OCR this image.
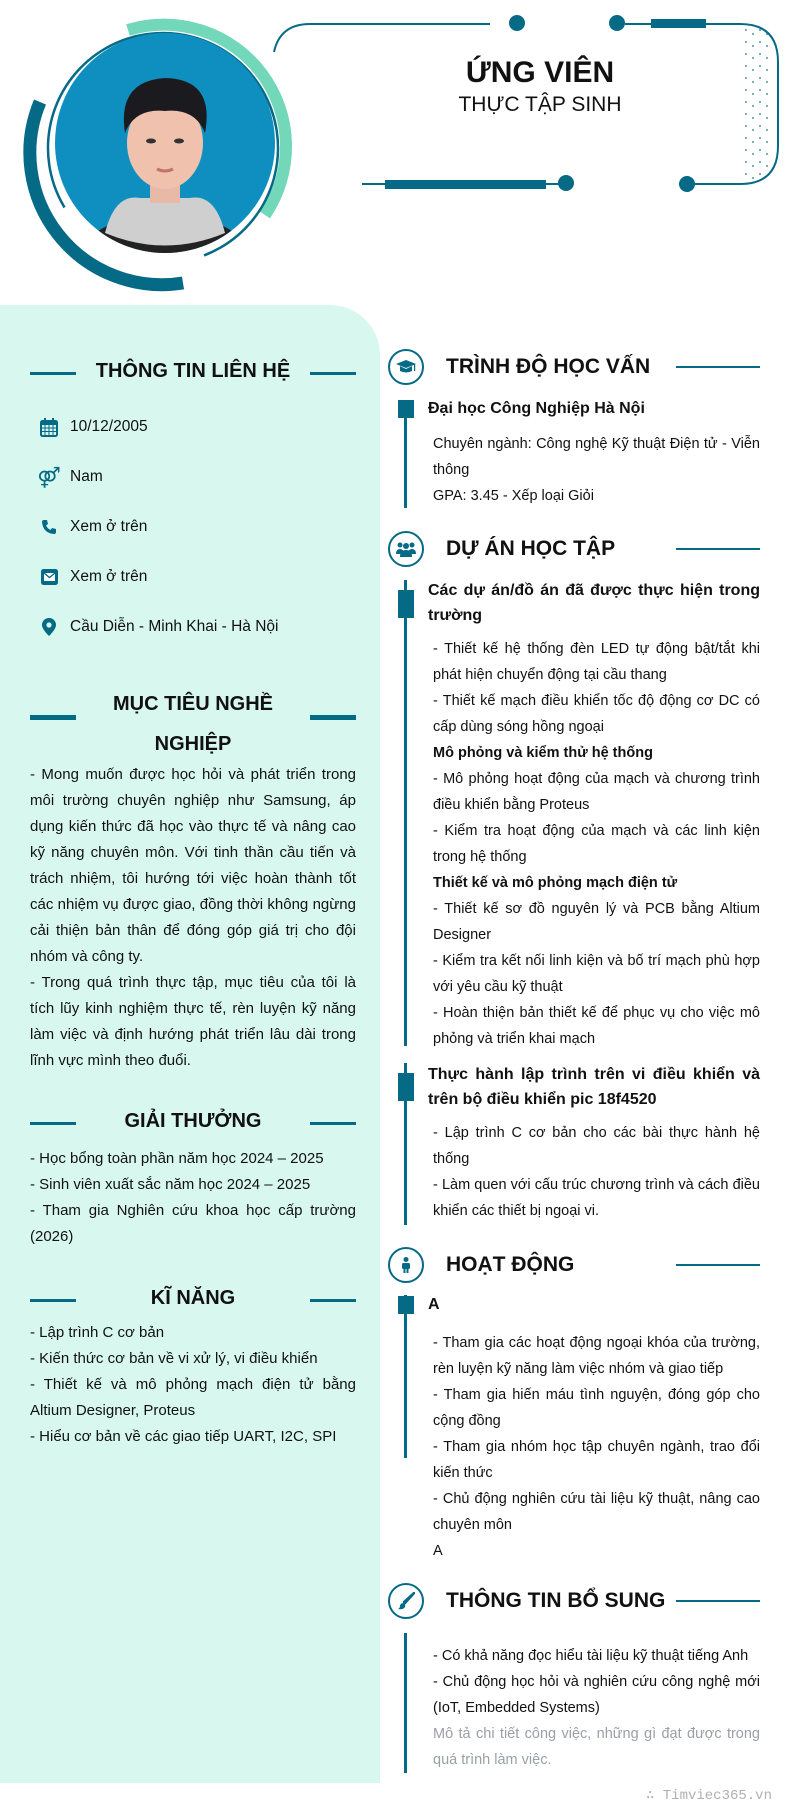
ỨNG VIÊN
THỰC TẬP SINH
THÔNG TIN LIÊN HỆ
10/12/2005
⚤ Nam
Xem ở trên
Xem ở trên
Cầu Diễn - Minh Khai - Hà Nội
MỤC TIÊU NGHỀ
NGHIỆP

- Mong muốn được học hỏi và phát triển trong môi trường chuyên nghiệp như Samsung, áp dụng kiến thức đã học vào thực tế và nâng cao kỹ năng chuyên môn. Với tinh thần cầu tiến và trách nhiệm, tôi hướng tới việc hoàn thành tốt các nhiệm vụ được giao, đồng thời không ngừng cải thiện bản thân để đóng góp giá trị cho đội nhóm và công ty.

- Trong quá trình thực tập, mục tiêu của tôi là tích lũy kinh nghiệm thực tế, rèn luyện kỹ năng làm việc và định hướng phát triển lâu dài trong lĩnh vực mình theo đuổi.

GIẢI THƯỞNG

- Học bổng toàn phần năm học 2024 – 2025

- Sinh viên xuất sắc năm học 2024 – 2025

- Tham gia Nghiên cứu khoa học cấp trường (2026)

KĨ NĂNG

- Lập trình C cơ bản

- Kiến thức cơ bản về vi xử lý, vi điều khiển

- Thiết kế và mô phỏng mạch điện tử bằng Altium Designer, Proteus

- Hiểu cơ bản về các giao tiếp UART, I2C, SPI

TRÌNH ĐỘ HỌC VẤN
Đại học Công Nghiệp Hà Nội

Chuyên ngành: Công nghệ Kỹ thuật Điện tử - Viễn thông

GPA: 3.45 - Xếp loại Giỏi

DỰ ÁN HỌC TẬP
Các dự án/đồ án đã được thực hiện trong trường

- Thiết kế hệ thống đèn LED tự động bật/tắt khi phát hiện chuyển động tại cầu thang

- Thiết kế mạch điều khiển tốc độ động cơ DC có cấp dùng sóng hồng ngoại

Mô phỏng và kiểm thử hệ thống

- Mô phỏng hoạt động của mạch và chương trình điều khiển bằng Proteus

- Kiểm tra hoạt động của mạch và các linh kiện trong hệ thống

Thiết kế và mô phỏng mạch điện tử

- Thiết kế sơ đồ nguyên lý và PCB bằng Altium Designer

- Kiểm tra kết nối linh kiện và bố trí mạch phù hợp với yêu cầu kỹ thuật

- Hoàn thiện bản thiết kế để phục vụ cho việc mô phỏng và triển khai mạch

Thực hành lập trình trên vi điều khiển và trên bộ điều khiển pic 18f4520

- Lập trình C cơ bản cho các bài thực hành hệ thống

- Làm quen với cấu trúc chương trình và cách điều khiển các thiết bị ngoại vi.

HOẠT ĐỘNG
A

- Tham gia các hoạt động ngoại khóa của trường, rèn luyện kỹ năng làm việc nhóm và giao tiếp

- Tham gia hiến máu tình nguyện, đóng góp cho cộng đồng

- Tham gia nhóm học tập chuyên ngành, trao đổi kiến thức

- Chủ động nghiên cứu tài liệu kỹ thuật, nâng cao chuyên môn

A

THÔNG TIN BỔ SUNG

- Có khả năng đọc hiểu tài liệu kỹ thuật tiếng Anh

- Chủ động học hỏi và nghiên cứu công nghệ mới (IoT, Embedded Systems)

Mô tả chi tiết công việc, những gì đạt được trong quá trình làm việc.

∴ Timviec365.vn
